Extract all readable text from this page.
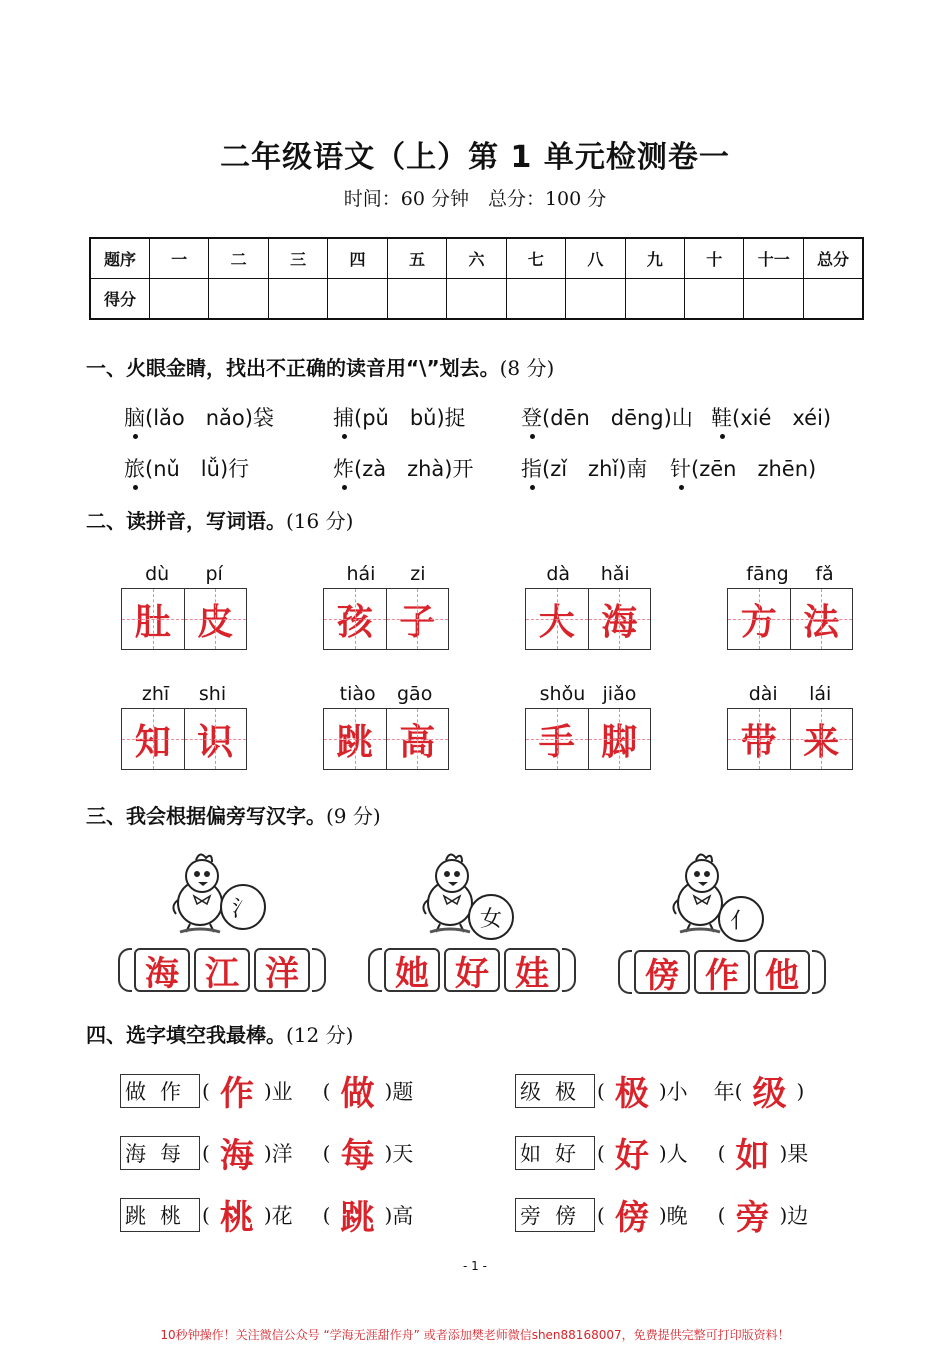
二年级语文（上）第 1 单元检测卷一
时间：60 分钟　总分：100 分
题序	一	二	三	四	五	六	七	八	九	十	十一	总分
得分												
一、火眼金睛，找出不正确的读音用“\”划去。(8 分)
脑(lǎo　nǎo)袋	捕(pǔ　bǔ)捉	登(dēn　dēng)山 鞋(xié　xéi)
旅(nǔ　lǚ)行	炸(zà　zhà)开 指(zǐ　zhǐ)南 针(zēn　zhēn)
二、读拼音，写词语。(16 分)
dù pí
肚 皮
hái zi
孩 子
dà hǎi
大 海
fāng fǎ
方 法
zhī shi
知 识
tiào gāo
跳 高
shǒu jiǎo
手 脚
dài lái
带 来
三、我会根据偏旁写汉字。(9 分)
氵	女	亻
海 江 洋	她 好 娃	傍 作 他
四、选字填空我最棒。(12 分)
做作 ( 作 ) 业 ( 做 ) 题	级极 ( 极 ) 小 年 ( 级 )
海每 ( 海 ) 洋 ( 每 ) 天	如好 ( 好 ) 人 ( 如 ) 果
跳桃 ( 桃 ) 花 ( 跳 ) 高	旁傍 ( 傍 ) 晚 ( 旁 ) 边
- 1 -
10秒钟操作！关注微信公众号 “学海无涯甜作舟” 或者添加樊老师微信shen88168007，免费提供完整可打印版资料！
